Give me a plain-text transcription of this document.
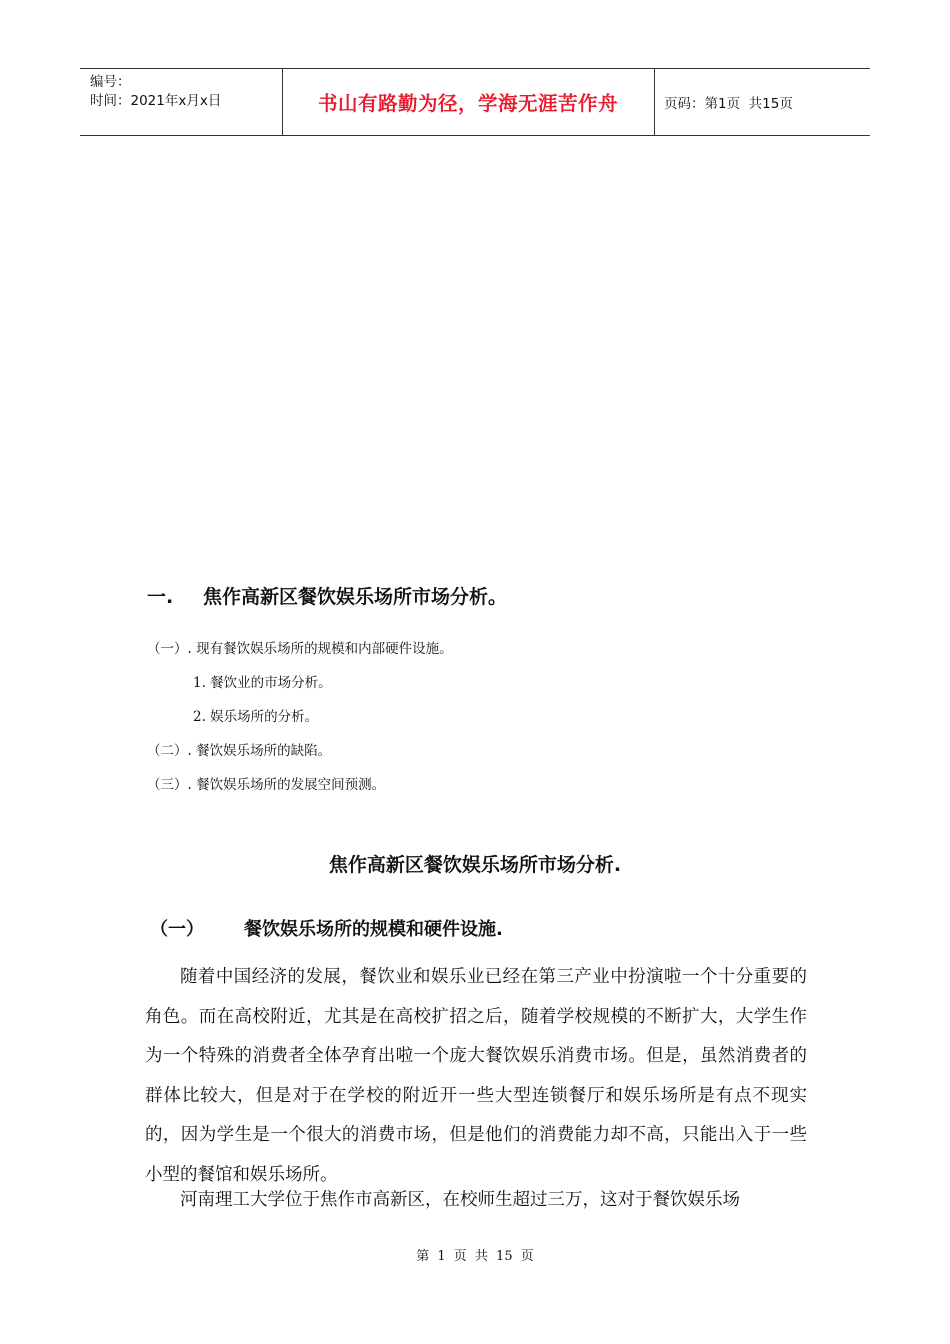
编号：
时间：2021年x月x日	书山有路勤为径，学海无涯苦作舟	页码：第1页  共15页
一. 焦作高新区餐饮娱乐场所市场分析。
（一）. 现有餐饮娱乐场所的规模和内部硬件设施。
1. 餐饮业的市场分析。
2. 娱乐场所的分析。
（二）. 餐饮娱乐场所的缺陷。
（三）. 餐饮娱乐场所的发展空间预测。
焦作高新区餐饮娱乐场所市场分析.
（一） 餐饮娱乐场所的规模和硬件设施.

随着中国经济的发展，餐饮业和娱乐业已经在第三产业中扮演啦一个十分重要的角色。而在高校附近，尤其是在高校扩招之后，随着学校规模的不断扩大，大学生作为一个特殊的消费者全体孕育出啦一个庞大餐饮娱乐消费市场。但是，虽然消费者的群体比较大，但是对于在学校的附近开一些大型连锁餐厅和娱乐场所是有点不现实的，因为学生是一个很大的消费市场，但是他们的消费能力却不高，只能出入于一些小型的餐馆和娱乐场所。

河南理工大学位于焦作市高新区，在校师生超过三万，这对于餐饮娱乐场

第 1 页 共 15 页
